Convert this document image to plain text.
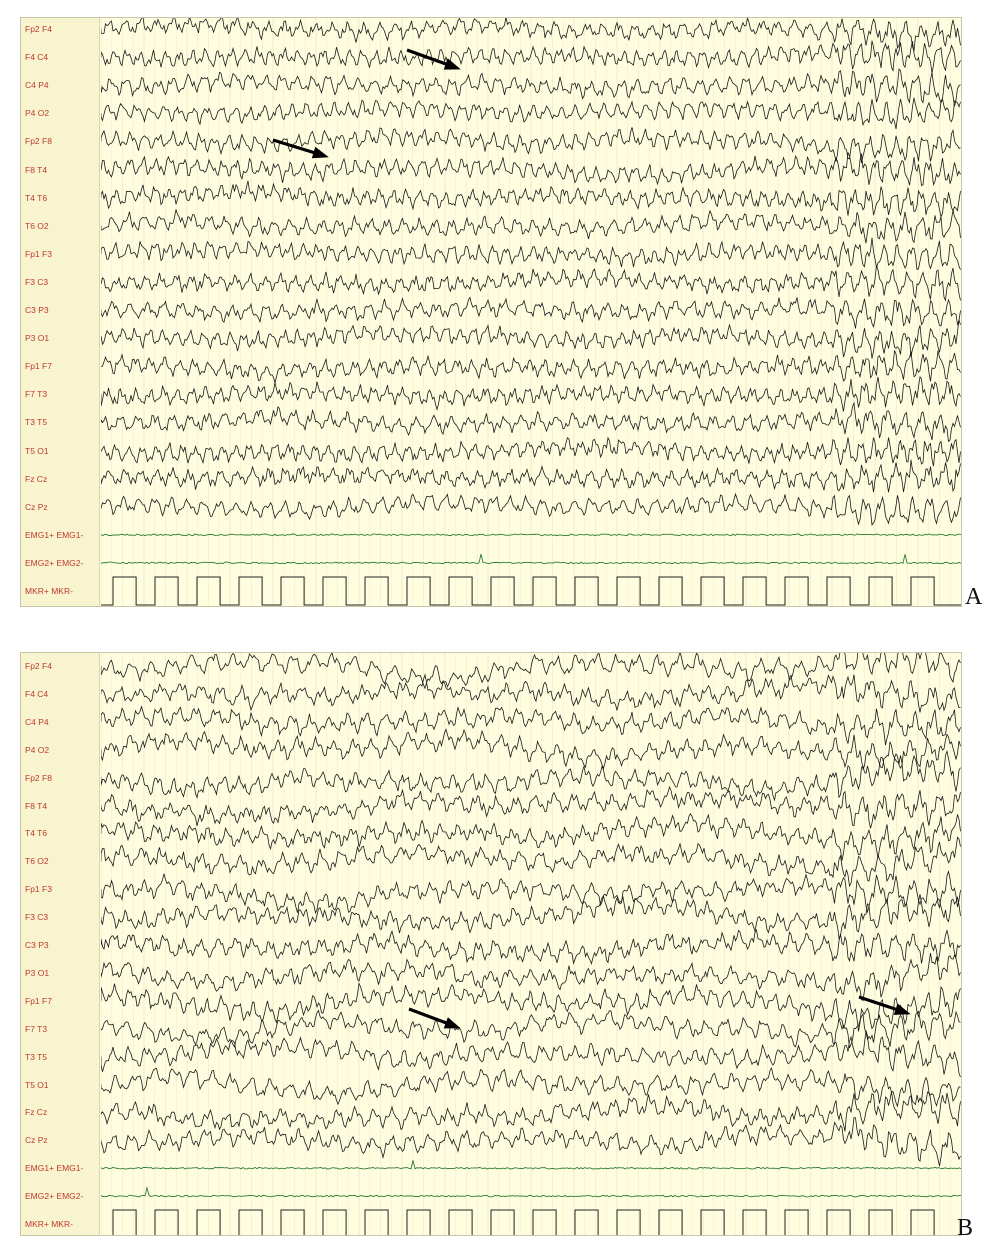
Fp2 F4
F4 C4
C4 P4
P4 O2
Fp2 F8
F8 T4
T4 T6
T6 O2
Fp1 F3
F3 C3
C3 P3
P3 O1
Fp1 F7
F7 T3
T3 T5
T5 O1
Fz Cz
Cz Pz
EMG1+ EMG1-
EMG2+ EMG2-
MKR+ MKR-	A
Fp2 F4
F4 C4
C4 P4
P4 O2
Fp2 F8
F8 T4
T4 T6
T6 O2
Fp1 F3
F3 C3
C3 P3
P3 O1
Fp1 F7
F7 T3
T3 T5
T5 O1
Fz Cz
Cz Pz
EMG1+ EMG1-
EMG2+ EMG2-
MKR+ MKR-	B
